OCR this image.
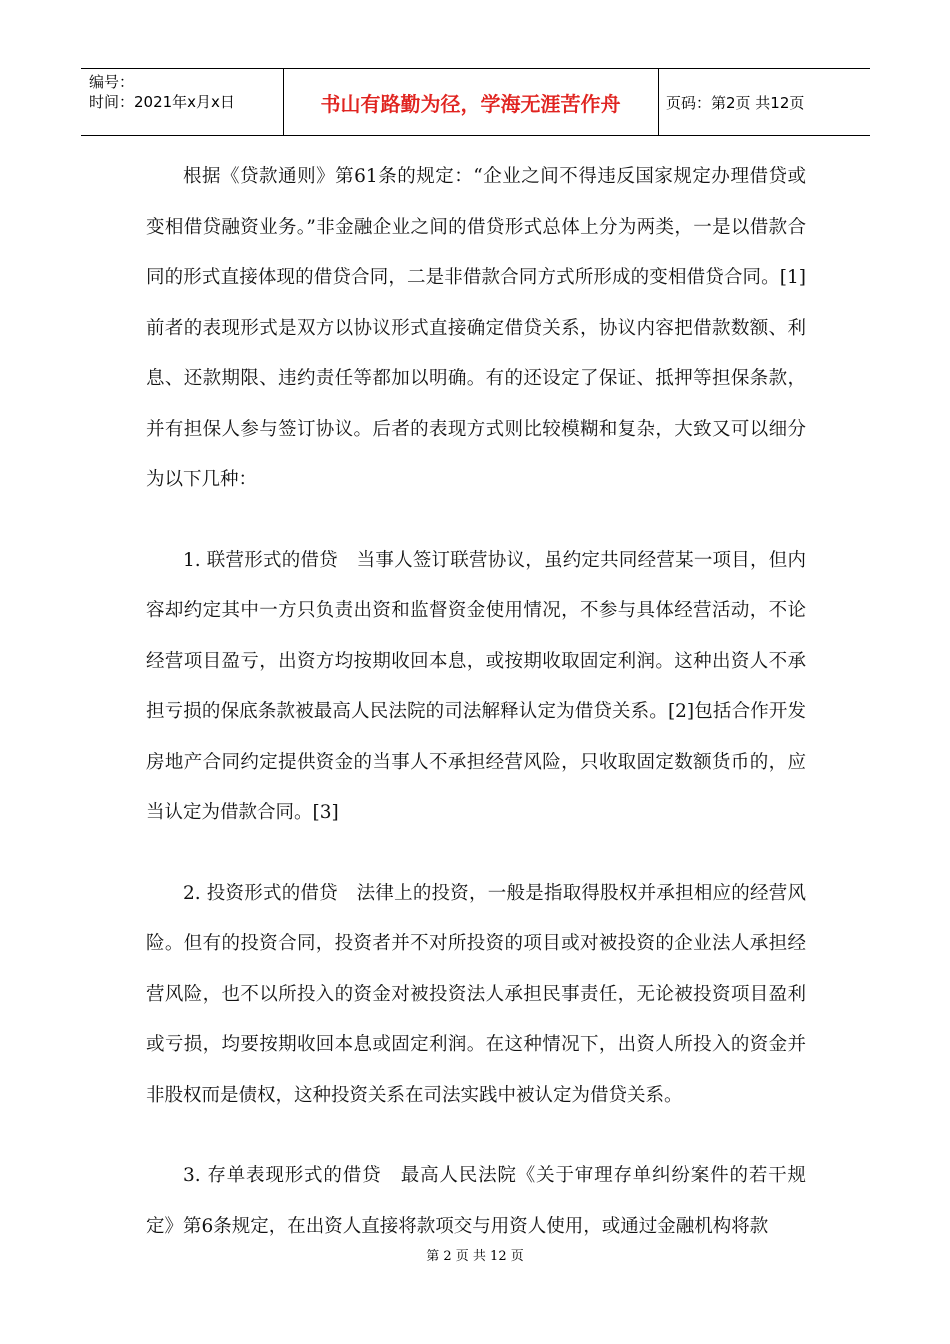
编号：
时间：2021年x月x日	书山有路勤为径，学海无涯苦作舟	页码：第2页 共12页

根据《贷款通则》第61条的规定：“企业之间不得违反国家规定办理借贷或变相借贷融资业务。”非金融企业之间的借贷形式总体上分为两类，一是以借款合同的形式直接体现的借贷合同，二是非借款合同方式所形成的变相借贷合同。[1]前者的表现形式是双方以协议形式直接确定借贷关系，协议内容把借款数额、利息、还款期限、违约责任等都加以明确。有的还设定了保证、抵押等担保条款，并有担保人参与签订协议。后者的表现方式则比较模糊和复杂，大致又可以细分为以下几种：

1. 联营形式的借贷　当事人签订联营协议，虽约定共同经营某一项目，但内容却约定其中一方只负责出资和监督资金使用情况，不参与具体经营活动，不论经营项目盈亏，出资方均按期收回本息，或按期收取固定利润。这种出资人不承担亏损的保底条款被最高人民法院的司法解释认定为借贷关系。[2]包括合作开发房地产合同约定提供资金的当事人不承担经营风险，只收取固定数额货币的，应当认定为借款合同。[3]

2. 投资形式的借贷　法律上的投资，一般是指取得股权并承担相应的经营风险。但有的投资合同，投资者并不对所投资的项目或对被投资的企业法人承担经营风险，也不以所投入的资金对被投资法人承担民事责任，无论被投资项目盈利或亏损，均要按期收回本息或固定利润。在这种情况下，出资人所投入的资金并非股权而是债权，这种投资关系在司法实践中被认定为借贷关系。

3. 存单表现形式的借贷　最高人民法院《关于审理存单纠纷案件的若干规定》第6条规定，在出资人直接将款项交与用资人使用，或通过金融机构将款

第 2 页 共 12 页
